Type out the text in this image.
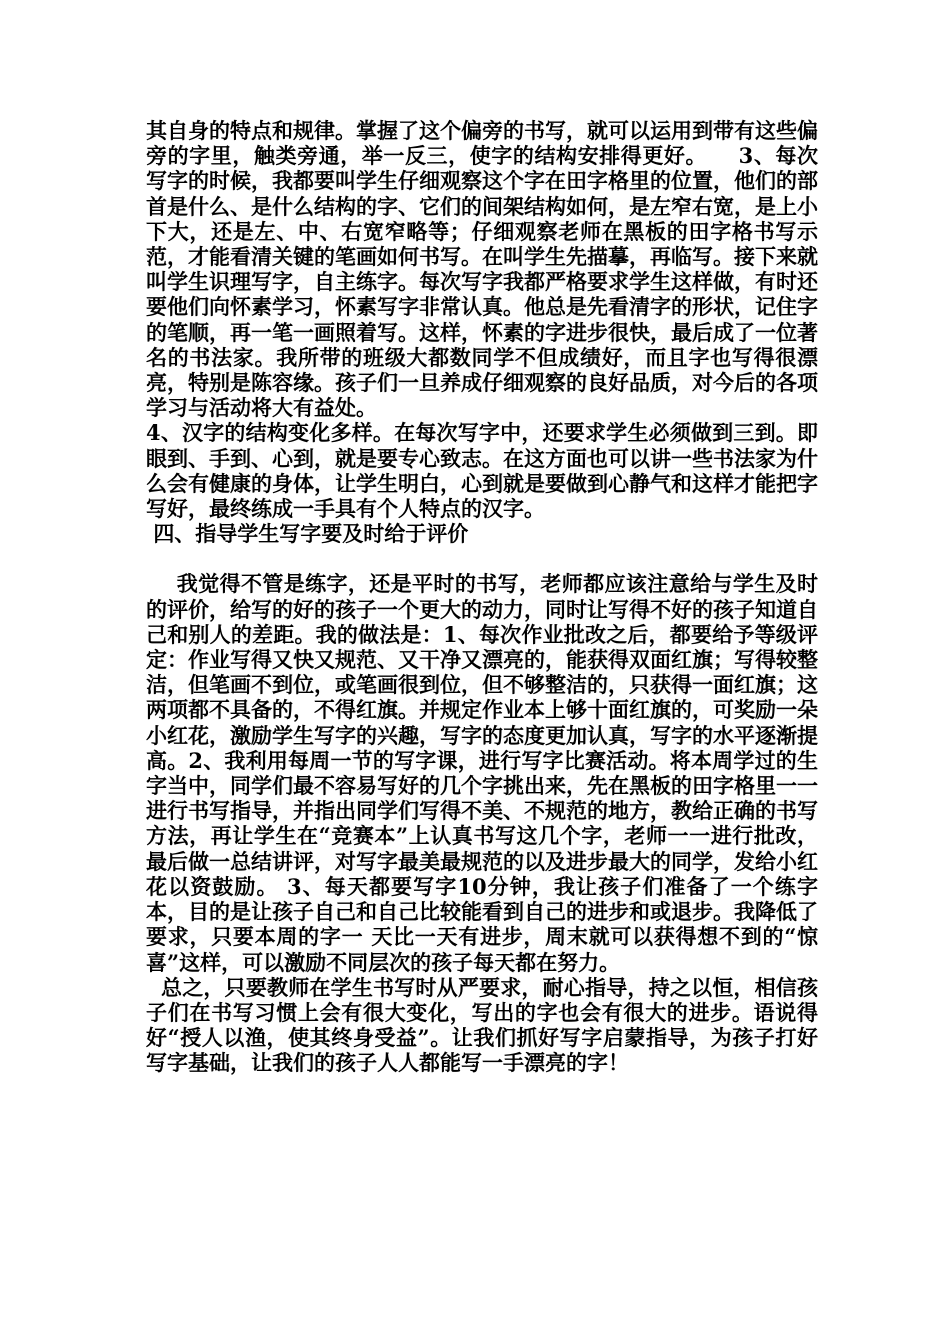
其自身的特点和规律。掌握了这个偏旁的书写，就可以运用到带有这些偏旁的字里，触类旁通，举一反三，使字的结构安排得更好。    3、每次写字的时候，我都要叫学生仔细观察这个字在田字格里的位置，他们的部首是什么、是什么结构的字、它们的间架结构如何，是左窄右宽，是上小下大，还是左、中、右宽窄略等；仔细观察老师在黑板的田字格书写示范，才能看清关键的笔画如何书写。在叫学生先描摹，再临写。接下来就叫学生识理写字，自主练字。每次写字我都严格要求学生这样做，有时还要他们向怀素学习，怀素写字非常认真。他总是先看清字的形状，记住字的笔顺，再一笔一画照着写。这样，怀素的字进步很快，最后成了一位著名的书法家。我所带的班级大都数同学不但成绩好，而且字也写得很漂亮，特别是陈容缘。孩子们一旦养成仔细观察的良好品质，对今后的各项学习与活动将大有益处。

4、汉字的结构变化多样。在每次写字中，还要求学生必须做到三到。即眼到、手到、心到，就是要专心致志。在这方面也可以讲一些书法家为什么会有健康的身体，让学生明白，心到就是要做到心静气和这样才能把字写好，最终练成一手具有个人特点的汉字。

四、指导学生写字要及时给于评价

我觉得不管是练字，还是平时的书写，老师都应该注意给与学生及时的评价，给写的好的孩子一个更大的动力，同时让写得不好的孩子知道自己和别人的差距。我的做法是：1、每次作业批改之后，都要给予等级评定：作业写得又快又规范、又干净又漂亮的，能获得双面红旗；写得较整洁，但笔画不到位，或笔画很到位，但不够整洁的，只获得一面红旗；这两项都不具备的，不得红旗。并规定作业本上够十面红旗的，可奖励一朵小红花，激励学生写字的兴趣，写字的态度更加认真，写字的水平逐渐提高。2、我利用每周一节的写字课，进行写字比赛活动。将本周学过的生字当中，同学们最不容易写好的几个字挑出来，先在黑板的田字格里一一进行书写指导，并指出同学们写得不美、不规范的地方，教给正确的书写方法，再让学生在“竞赛本”上认真书写这几个字，老师一一进行批改，最后做一总结讲评，对写字最美最规范的以及进步最大的同学，发给小红花以资鼓励。 3、每天都要写字10分钟，我让孩子们准备了一个练字本，目的是让孩子自己和自己比较能看到自己的进步和或退步。我降低了要求，只要本周的字一 天比一天有进步，周末就可以获得想不到的“惊喜”这样，可以激励不同层次的孩子每天都在努力。

总之，只要教师在学生书写时从严要求，耐心指导，持之以恒，相信孩子们在书写习惯上会有很大变化，写出的字也会有很大的进步。语说得好“授人以渔，使其终身受益”。让我们抓好写字启蒙指导，为孩子打好写字基础，让我们的孩子人人都能写一手漂亮的字！
